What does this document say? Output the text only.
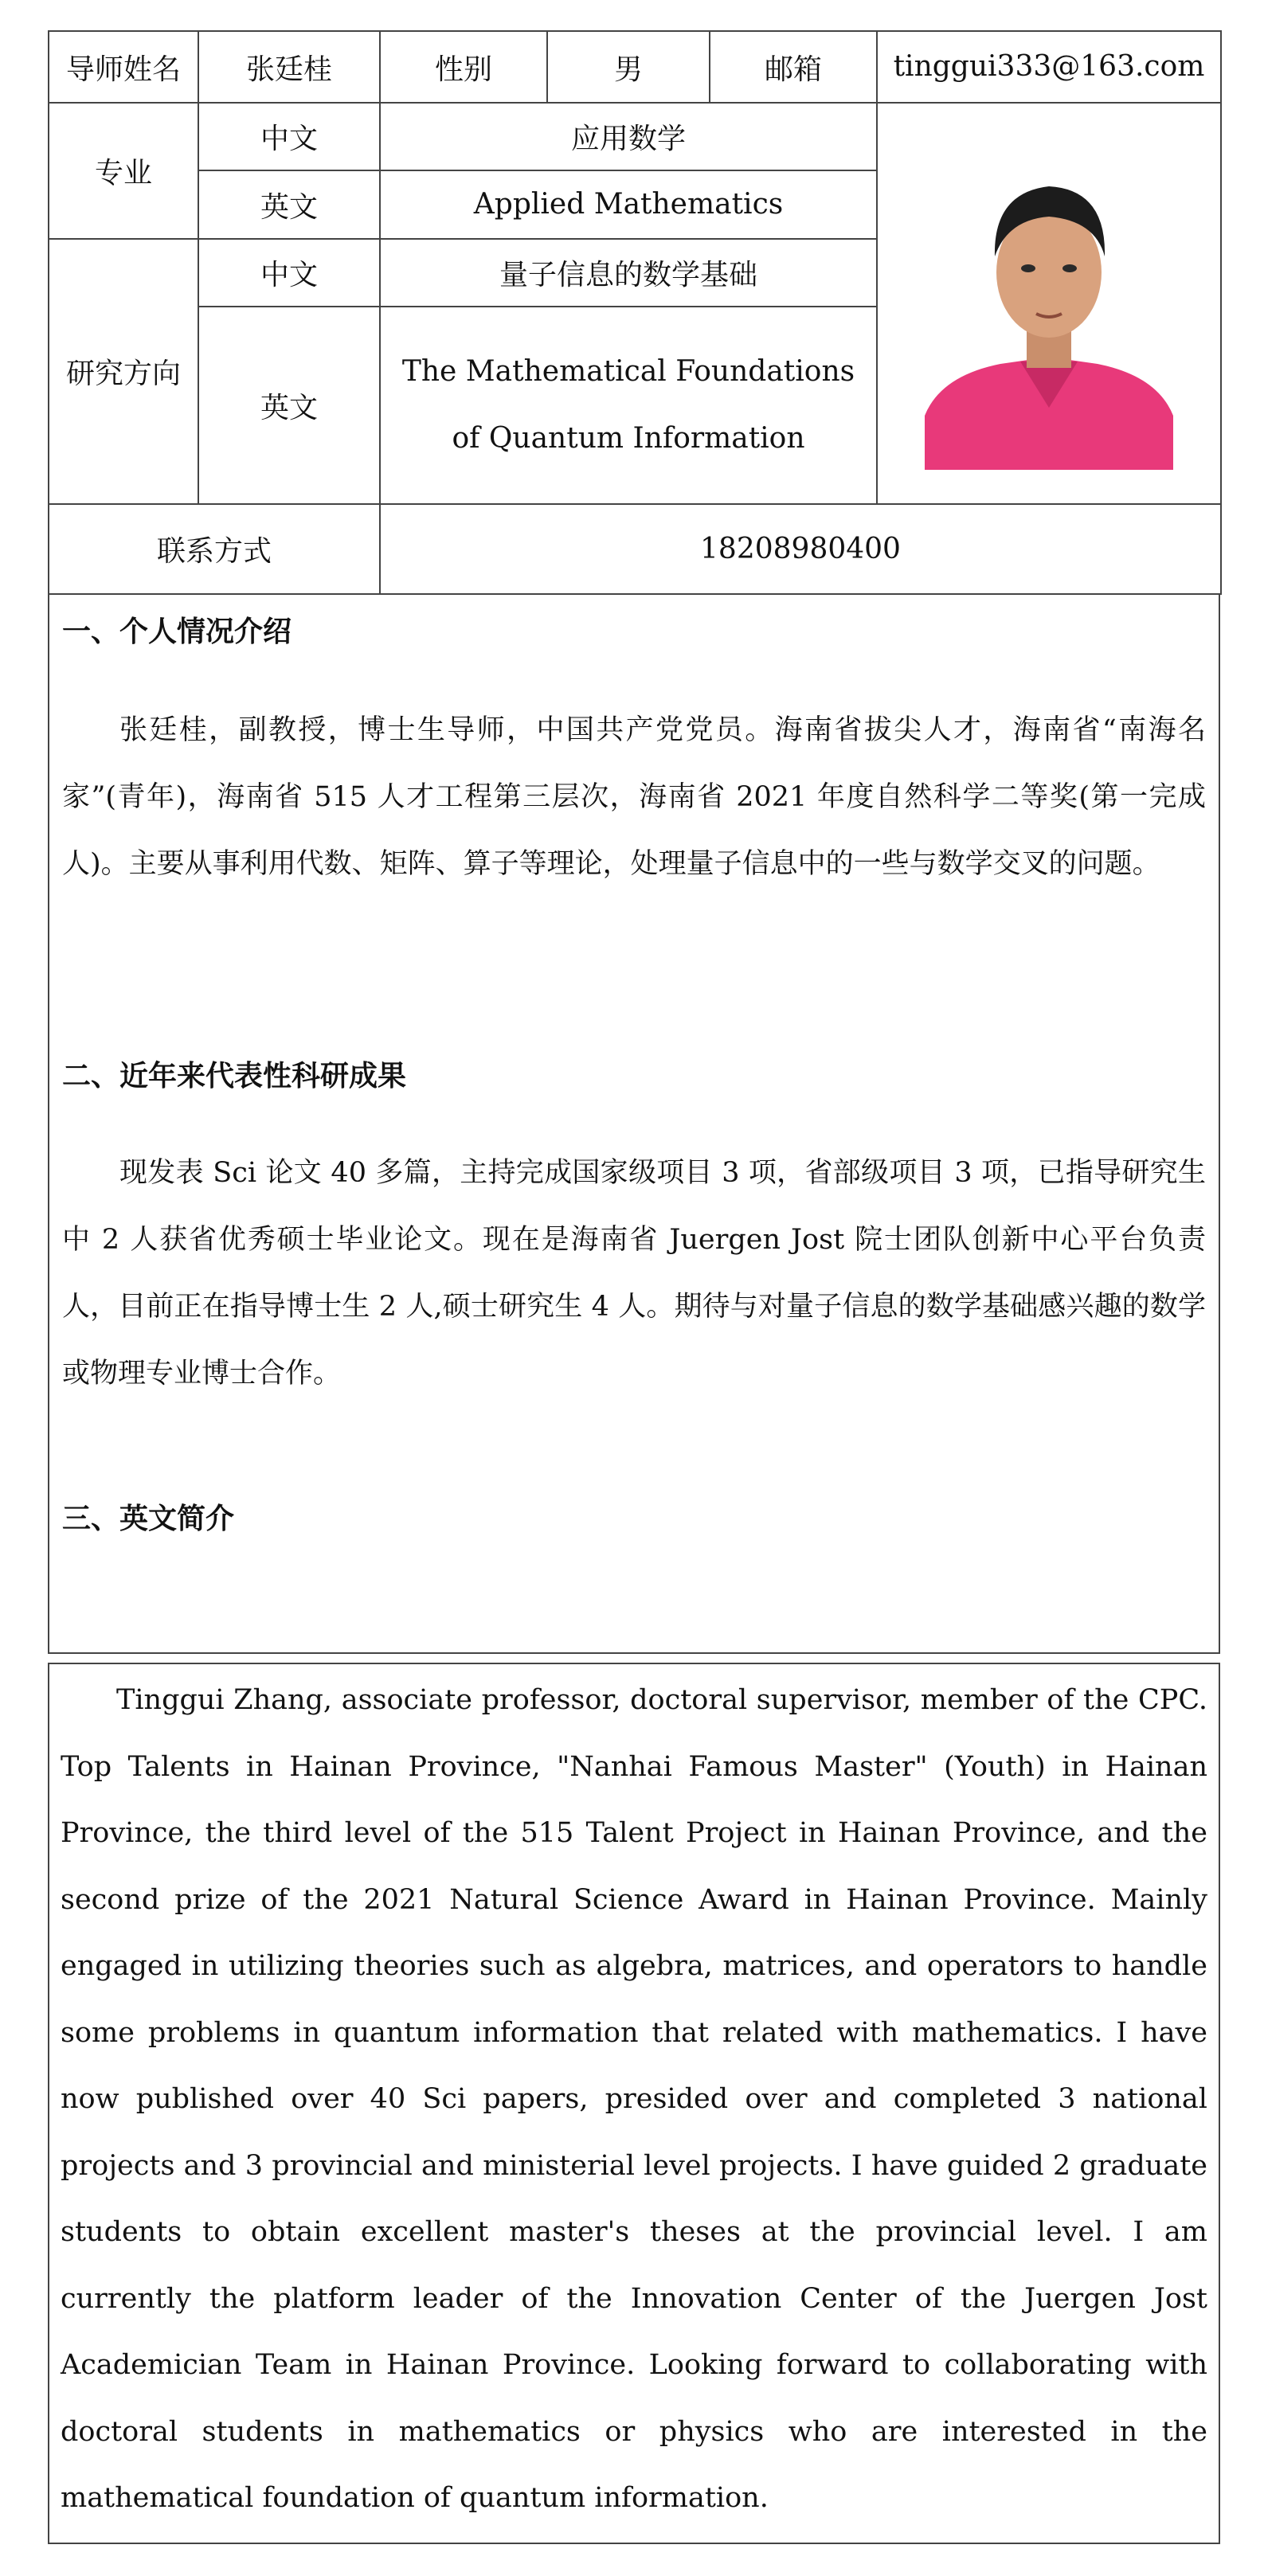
导师姓名	张廷桂	性别	男	邮箱	tinggui333@163.com
专业	中文	应用数学	

	英文	Applied Mathematics			
研究方向	中文	量子信息的数学基础			
	英文	The Mathematical Foundations
of Quantum Information			

联系方式		18208980400			
一、个人情况介绍

张廷桂，副教授，博士生导师，中国共产党党员。海南省拔尖人才，海南省“南海名家”(青年)，海南省 515 人才工程第三层次，海南省 2021 年度自然科学二等奖(第一完成人)。主要从事利用代数、矩阵、算子等理论，处理量子信息中的一些与数学交叉的问题。

二、近年来代表性科研成果

现发表 Sci 论文 40 多篇，主持完成国家级项目 3 项，省部级项目 3 项，已指导研究生中 2 人获省优秀硕士毕业论文。现在是海南省 Juergen Jost 院士团队创新中心平台负责人，目前正在指导博士生 2 人,硕士研究生 4 人。期待与对量子信息的数学基础感兴趣的数学或物理专业博士合作。

三、英文简介

Tinggui Zhang, associate professor, doctoral supervisor, member of the CPC. Top Talents in Hainan Province, "Nanhai Famous Master" (Youth) in Hainan Province, the third level of the 515 Talent Project in Hainan Province, and the second prize of the 2021 Natural Science Award in Hainan Province. Mainly engaged in utilizing theories such as algebra, matrices, and operators to handle some problems in quantum information that related with mathematics. I have now published over 40 Sci papers, presided over and completed 3 national projects and 3 provincial and ministerial level projects. I have guided 2 graduate students to obtain excellent master's theses at the provincial level. I am currently the platform leader of the Innovation Center of the Juergen Jost Academician Team in Hainan Province. Looking forward to collaborating with doctoral students in mathematics or physics who are interested in the mathematical foundation of quantum information.
